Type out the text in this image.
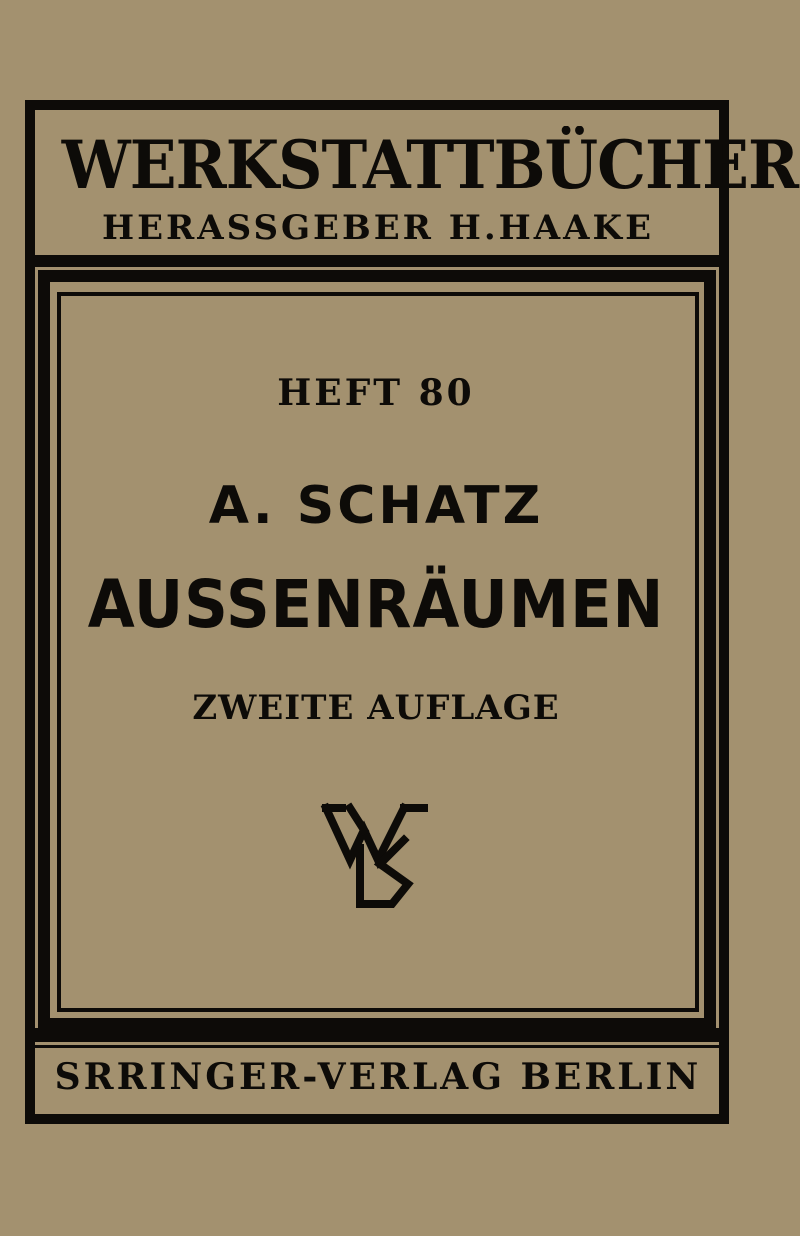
WERKSTATTBÜCHER
HERASSGEBER H.HAAKE
HEFT 80
A. SCHATZ
AUSSENRÄUMEN
ZWEITE AUFLAGE
SRRINGER-VERLAG BERLIN
